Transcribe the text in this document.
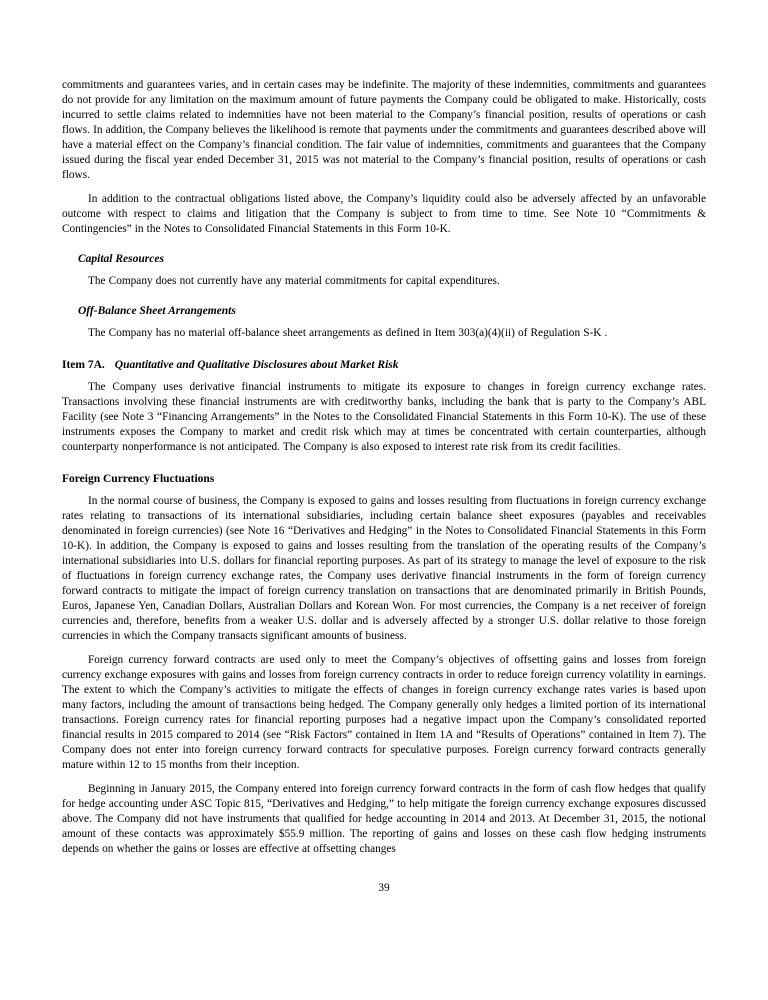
commitments and guarantees varies, and in certain cases may be indefinite. The majority of these indemnities, commitments and guarantees do not provide for any limitation on the maximum amount of future payments the Company could be obligated to make. Historically, costs incurred to settle claims related to indemnities have not been material to the Company’s financial position, results of operations or cash flows. In addition, the Company believes the likelihood is remote that payments under the commitments and guarantees described above will have a material effect on the Company’s financial condition. The fair value of indemnities, commitments and guarantees that the Company issued during the fiscal year ended December 31, 2015 was not material to the Company’s financial position, results of operations or cash flows.
In addition to the contractual obligations listed above, the Company’s liquidity could also be adversely affected by an unfavorable outcome with respect to claims and litigation that the Company is subject to from time to time. See Note 10 “Commitments & Contingencies” in the Notes to Consolidated Financial Statements in this Form 10-K.
Capital Resources
The Company does not currently have any material commitments for capital expenditures.
Off-Balance Sheet Arrangements
The Company has no material off-balance sheet arrangements as defined in Item 303(a)(4)(ii) of Regulation S-K .
Item 7A. Quantitative and Qualitative Disclosures about Market Risk
The Company uses derivative financial instruments to mitigate its exposure to changes in foreign currency exchange rates. Transactions involving these financial instruments are with creditworthy banks, including the bank that is party to the Company’s ABL Facility (see Note 3 “Financing Arrangements” in the Notes to the Consolidated Financial Statements in this Form 10-K). The use of these instruments exposes the Company to market and credit risk which may at times be concentrated with certain counterparties, although counterparty nonperformance is not anticipated. The Company is also exposed to interest rate risk from its credit facilities.
Foreign Currency Fluctuations
In the normal course of business, the Company is exposed to gains and losses resulting from fluctuations in foreign currency exchange rates relating to transactions of its international subsidiaries, including certain balance sheet exposures (payables and receivables denominated in foreign currencies) (see Note 16 “Derivatives and Hedging” in the Notes to Consolidated Financial Statements in this Form 10-K). In addition, the Company is exposed to gains and losses resulting from the translation of the operating results of the Company’s international subsidiaries into U.S. dollars for financial reporting purposes. As part of its strategy to manage the level of exposure to the risk of fluctuations in foreign currency exchange rates, the Company uses derivative financial instruments in the form of foreign currency forward contracts to mitigate the impact of foreign currency translation on transactions that are denominated primarily in British Pounds, Euros, Japanese Yen, Canadian Dollars, Australian Dollars and Korean Won. For most currencies, the Company is a net receiver of foreign currencies and, therefore, benefits from a weaker U.S. dollar and is adversely affected by a stronger U.S. dollar relative to those foreign currencies in which the Company transacts significant amounts of business.
Foreign currency forward contracts are used only to meet the Company’s objectives of offsetting gains and losses from foreign currency exchange exposures with gains and losses from foreign currency contracts in order to reduce foreign currency volatility in earnings. The extent to which the Company’s activities to mitigate the effects of changes in foreign currency exchange rates varies is based upon many factors, including the amount of transactions being hedged. The Company generally only hedges a limited portion of its international transactions. Foreign currency rates for financial reporting purposes had a negative impact upon the Company’s consolidated reported financial results in 2015 compared to 2014 (see “Risk Factors” contained in Item 1A and “Results of Operations” contained in Item 7). The Company does not enter into foreign currency forward contracts for speculative purposes. Foreign currency forward contracts generally mature within 12 to 15 months from their inception.
Beginning in January 2015, the Company entered into foreign currency forward contracts in the form of cash flow hedges that qualify for hedge accounting under ASC Topic 815, “Derivatives and Hedging,” to help mitigate the foreign currency exchange exposures discussed above. The Company did not have instruments that qualified for hedge accounting in 2014 and 2013. At December 31, 2015, the notional amount of these contacts was approximately $55.9 million. The reporting of gains and losses on these cash flow hedging instruments depends on whether the gains or losses are effective at offsetting changes
39
